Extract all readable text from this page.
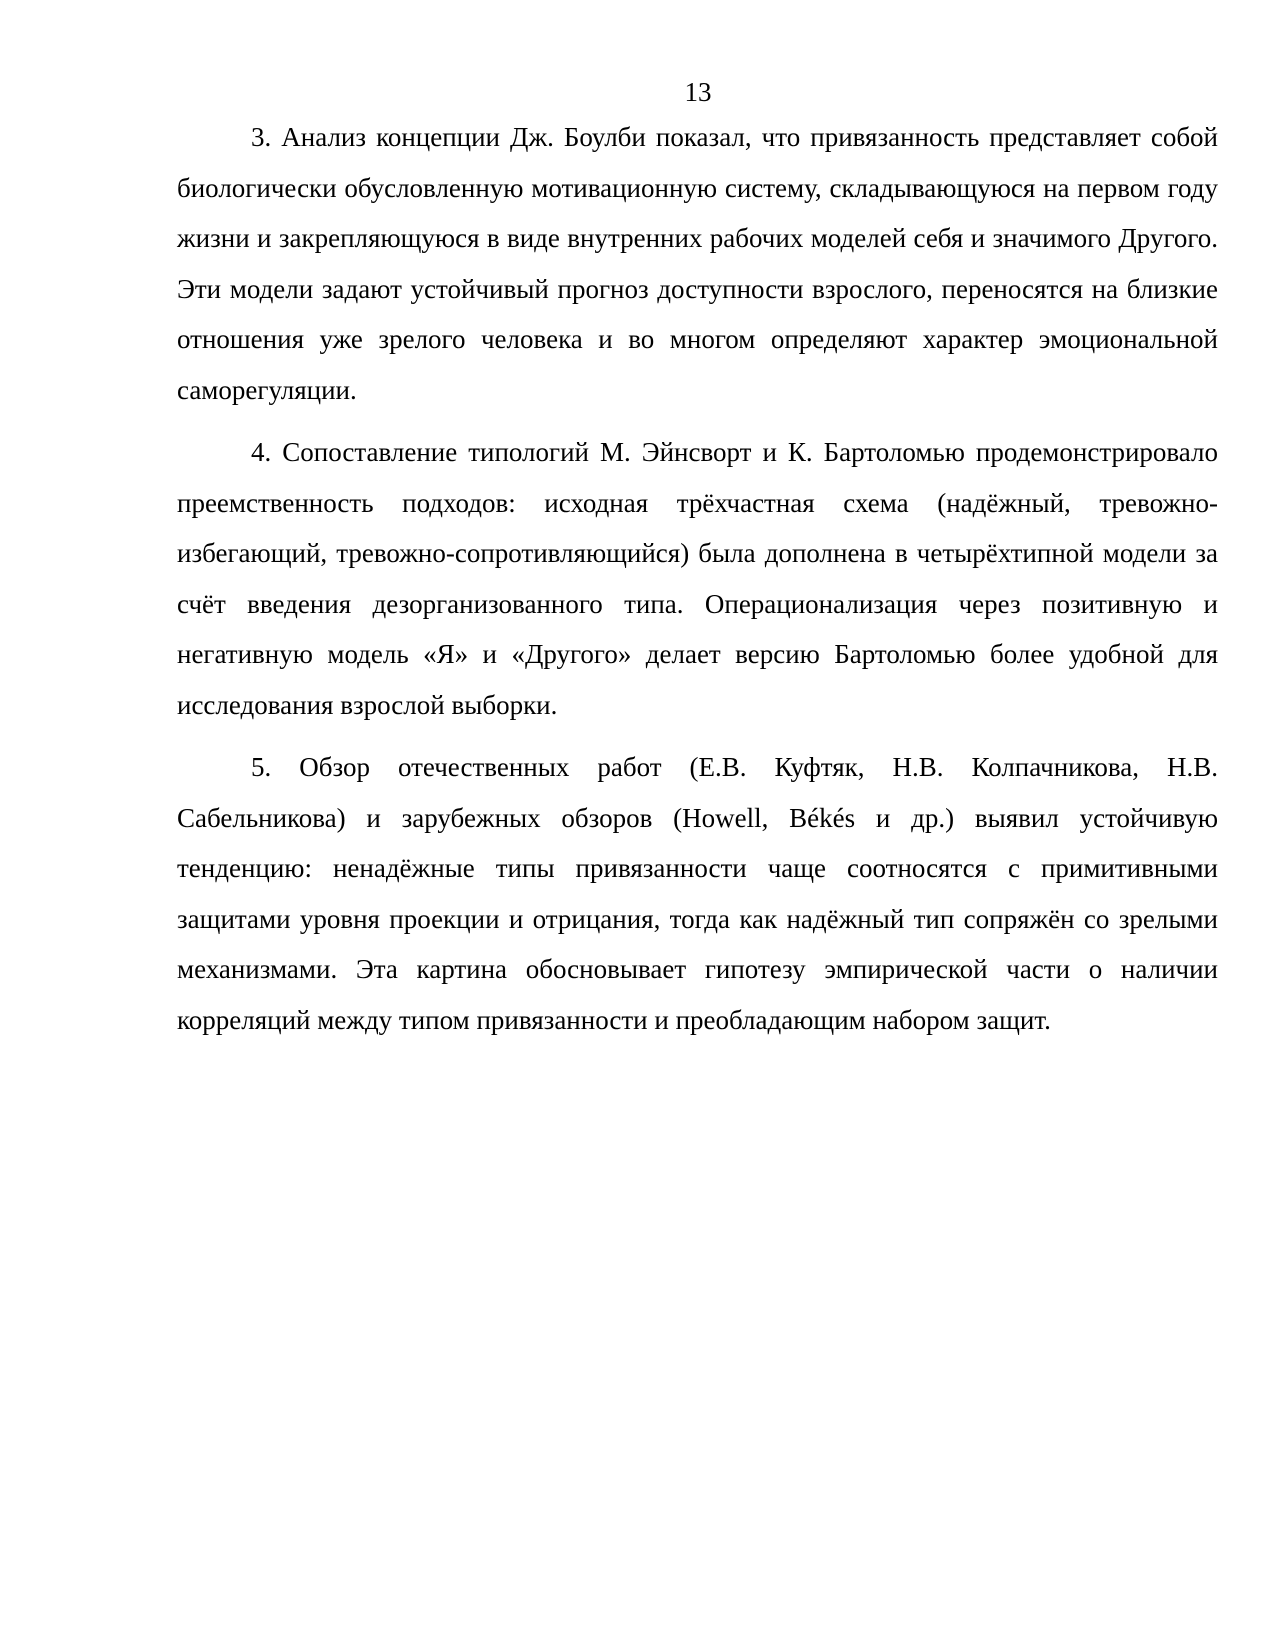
13

3. Анализ концепции Дж. Боулби показал, что привязанность представляет собой биологически обусловленную мотивационную систему, складывающуюся на первом году жизни и закрепляющуюся в виде внутренних рабочих моделей себя и значимого Другого. Эти модели задают устойчивый прогноз доступности взрослого, переносятся на близкие отношения уже зрелого человека и во многом определяют характер эмоциональной саморегуляции.

4. Сопоставление типологий М. Эйнсворт и К. Бартоломью продемонстрировало преемственность подходов: исходная трёхчастная схема (надёжный, тревожно-избегающий, тревожно-сопротивляющийся) была дополнена в четырёхтипной модели за счёт введения дезорганизованного типа. Операционализация через позитивную и негативную модель «Я» и «Другого» делает версию Бартоломью более удобной для исследования взрослой выборки.

5. Обзор отечественных работ (Е.В. Куфтяк, Н.В. Колпачникова, Н.В. Сабельникова) и зарубежных обзоров (Howell, Békés и др.) выявил устойчивую тенденцию: ненадёжные типы привязанности чаще соотносятся с примитивными защитами уровня проекции и отрицания, тогда как надёжный тип сопряжён со зрелыми механизмами. Эта картина обосновывает гипотезу эмпирической части о наличии корреляций между типом привязанности и преобладающим набором защит.
